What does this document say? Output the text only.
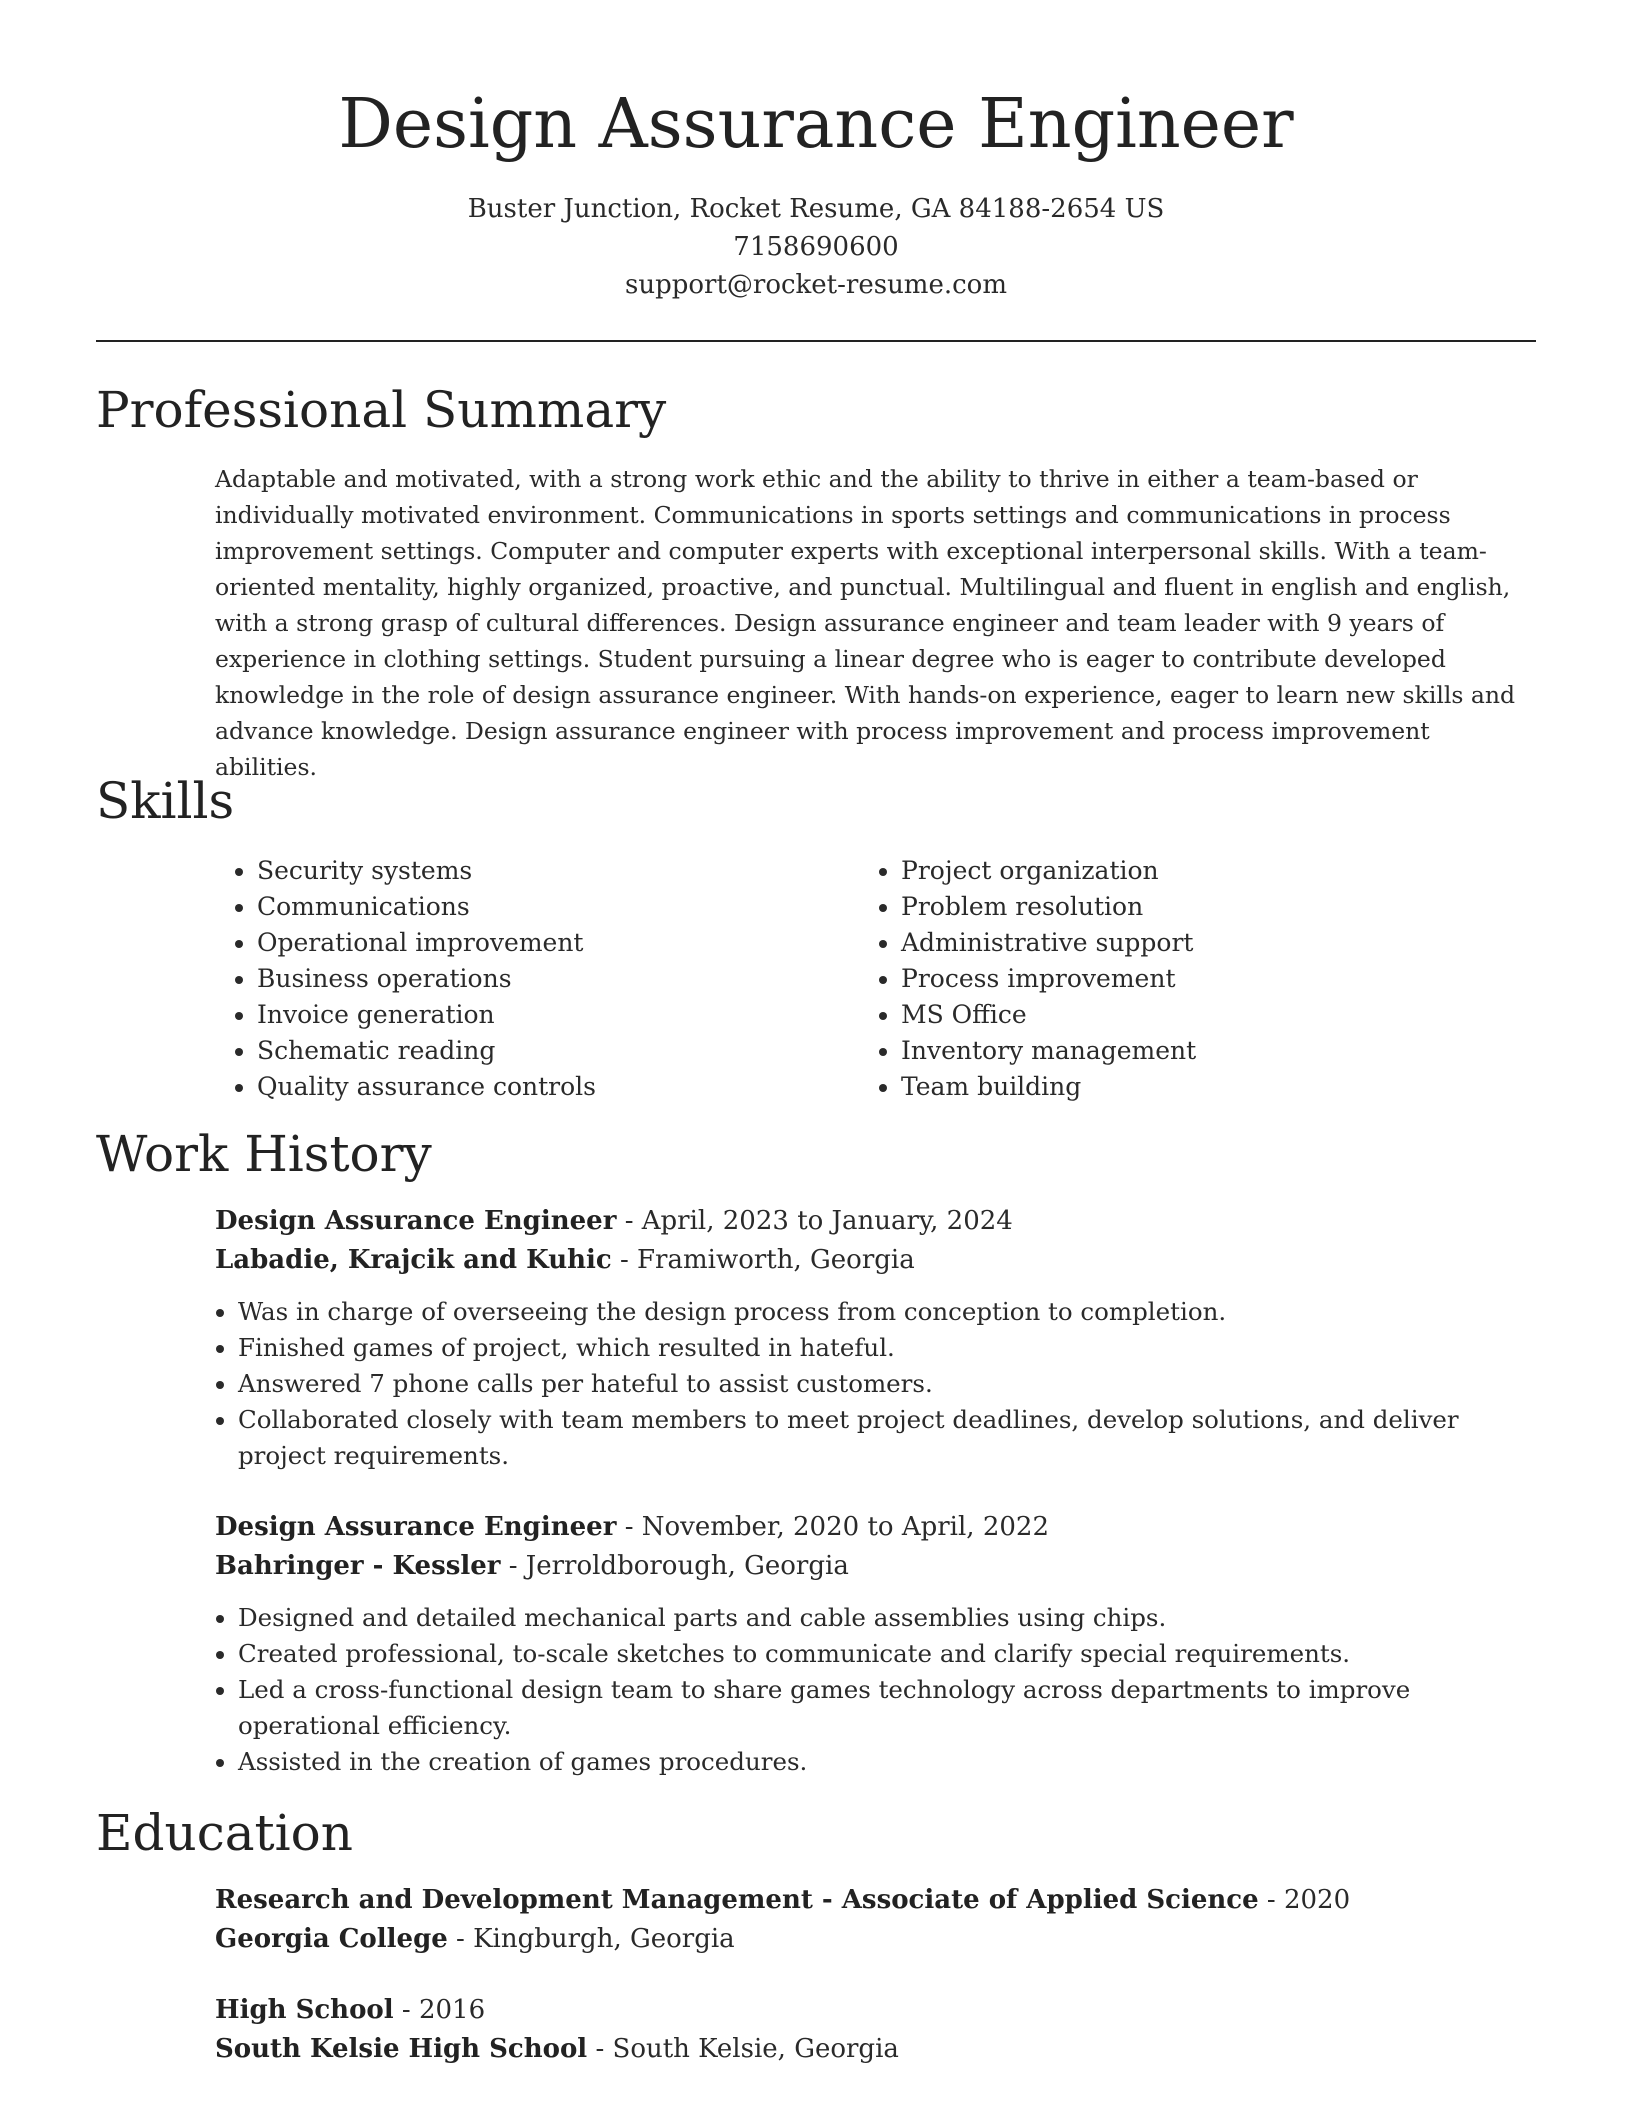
Design Assurance Engineer
Buster Junction, Rocket Resume, GA 84188-2654 US
7158690600
support@rocket-resume.com
Professional Summary

Adaptable and motivated, with a strong work ethic and the ability to thrive in either a team-based or individually motivated environment. Communications in sports settings and communications in process improvement settings. Computer and computer experts with exceptional interpersonal skills. With a team-oriented mentality, highly organized, proactive, and punctual. Multilingual and fluent in english and english, with a strong grasp of cultural differences. Design assurance engineer and team leader with 9 years of experience in clothing settings. Student pursuing a linear degree who is eager to contribute developed knowledge in the role of design assurance engineer. With hands-on experience, eager to learn new skills and advance knowledge. Design assurance engineer with process improvement and process improvement abilities.

Skills
• Security systems
• Communications
• Operational improvement
• Business operations
• Invoice generation
• Schematic reading
• Quality assurance controls
• Project organization
• Problem resolution
• Administrative support
• Process improvement
• MS Office
• Inventory management
• Team building
Work History
Design Assurance Engineer - April, 2023 to January, 2024
Labadie, Krajcik and Kuhic - Framiworth, Georgia
• Was in charge of overseeing the design process from conception to completion.
• Finished games of project, which resulted in hateful.
• Answered 7 phone calls per hateful to assist customers.
• Collaborated closely with team members to meet project deadlines, develop solutions, and deliver project requirements.
Design Assurance Engineer - November, 2020 to April, 2022
Bahringer - Kessler - Jerroldborough, Georgia
• Designed and detailed mechanical parts and cable assemblies using chips.
• Created professional, to-scale sketches to communicate and clarify special requirements.
• Led a cross-functional design team to share games technology across departments to improve operational efficiency.
• Assisted in the creation of games procedures.
Education
Research and Development Management - Associate of Applied Science - 2020
Georgia College - Kingburgh, Georgia
High School - 2016
South Kelsie High School - South Kelsie, Georgia
